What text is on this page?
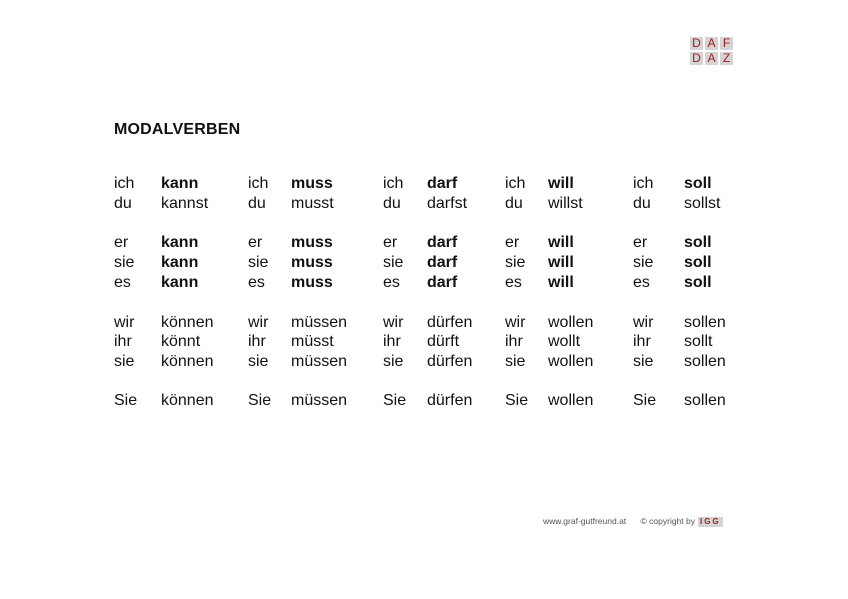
D A F
D A Z
MODALVERBEN
ich kann
du kannst
er kann
sie kann
es kann
wir können
ihr könnt
sie können
Sie können
ich muss
du musst
er muss
sie muss
es muss
wir müssen
ihr müsst
sie müssen
Sie müssen
ich darf
du darfst
er darf
sie darf
es darf
wir dürfen
ihr dürft
sie dürfen
Sie dürfen
ich will
du willst
er will
sie will
es will
wir wollen
ihr wollt
sie wollen
Sie wollen
ich soll
du sollst
er soll
sie soll
es soll
wir sollen
ihr sollt
sie sollen
Sie sollen
www.graf-gutfreund.at © copyright by IGG
